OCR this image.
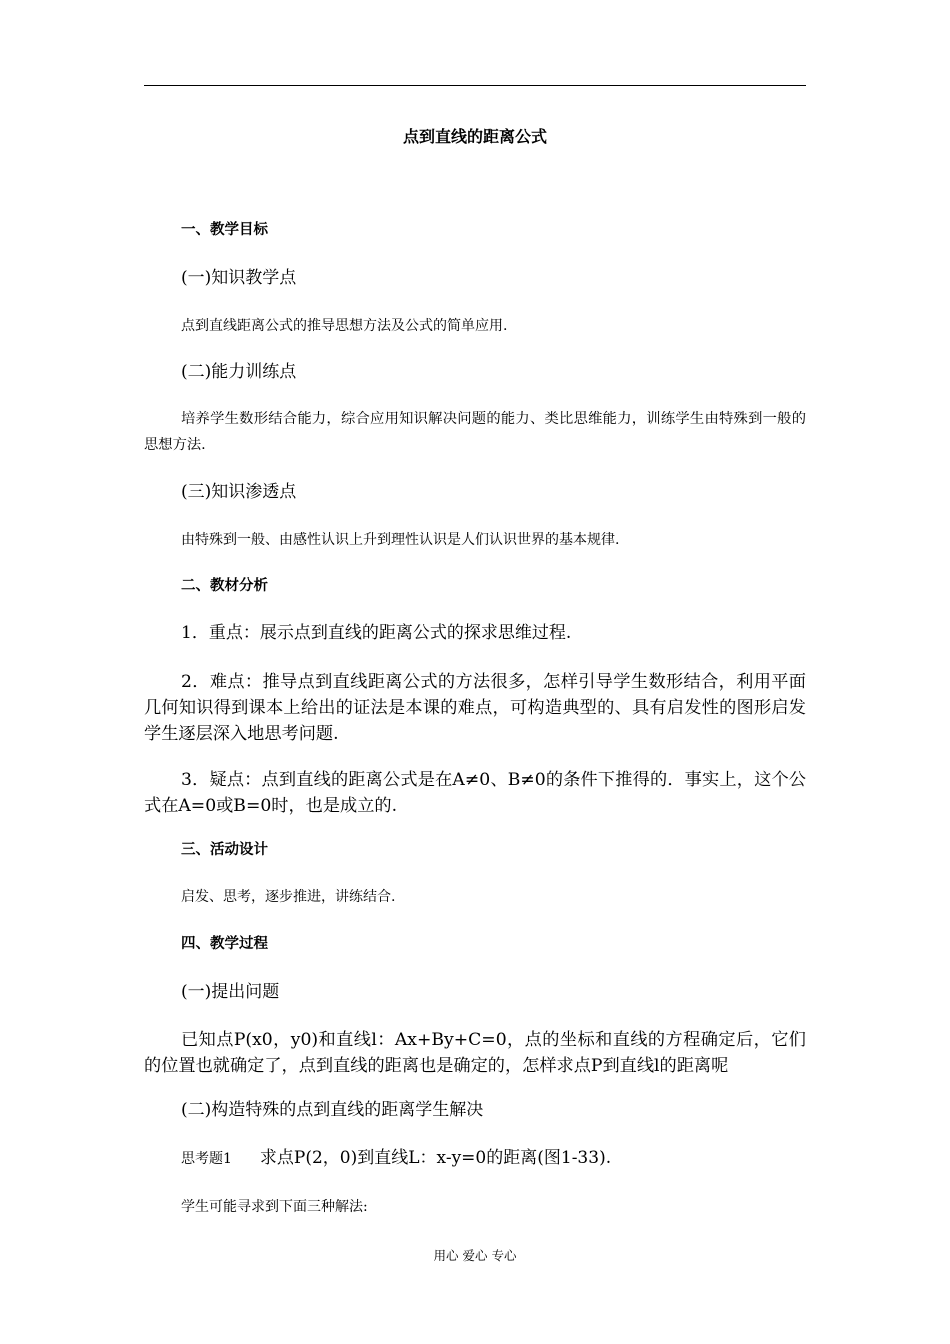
点到直线的距离公式
一、教学目标
(一)知识教学点
点到直线距离公式的推导思想方法及公式的简单应用.
(二)能力训练点

培养学生数形结合能力，综合应用知识解决问题的能力、类比思维能力，训练学生由特殊到一般的思想方法.

(三)知识渗透点
由特殊到一般、由感性认识上升到理性认识是人们认识世界的基本规律.
二、教材分析
1．重点：展示点到直线的距离公式的探求思维过程.

2．难点：推导点到直线距离公式的方法很多，怎样引导学生数形结合，利用平面几何知识得到课本上给出的证法是本课的难点，可构造典型的、具有启发性的图形启发学生逐层深入地思考问题.

3．疑点：点到直线的距离公式是在A≠0、B≠0的条件下推得的．事实上，这个公式在A=0或B=0时，也是成立的.

三、活动设计
启发、思考，逐步推进，讲练结合.
四、教学过程
(一)提出问题

已知点P(x0，y0)和直线l：Ax+By+C=0，点的坐标和直线的方程确定后，它们的位置也就确定了，点到直线的距离也是确定的，怎样求点P到直线l的距离呢

(二)构造特殊的点到直线的距离学生解决
思考题1 求点P(2，0)到直线L：x-y=0的距离(图1-33).
学生可能寻求到下面三种解法:
用心 爱心 专心
